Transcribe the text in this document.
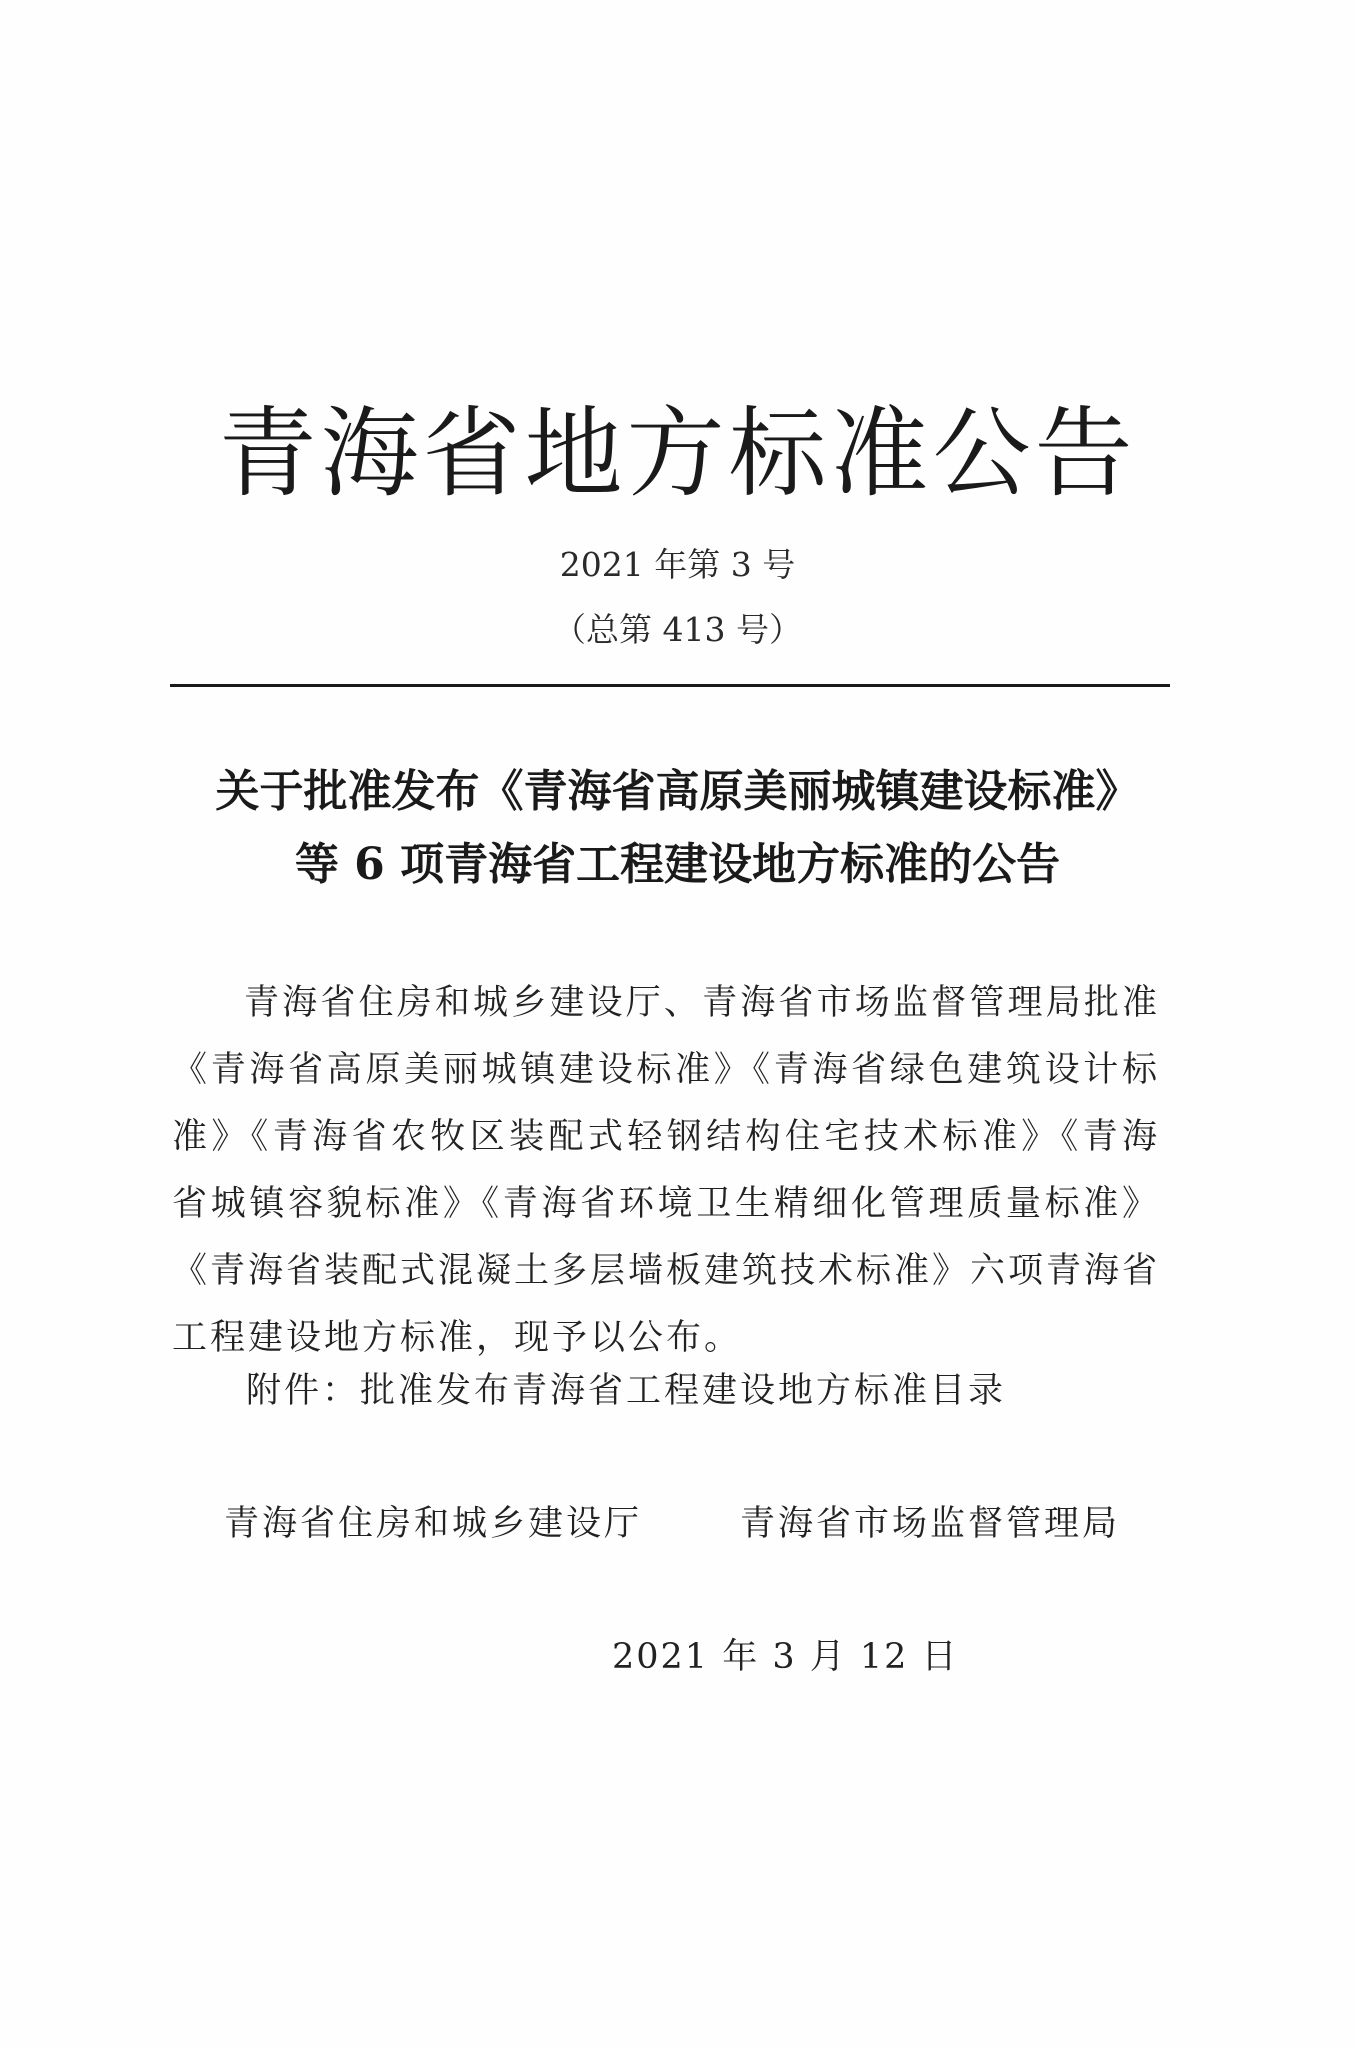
青海省地方标准公告
2021 年第 3 号
（总第 413 号）
关于批准发布《青海省高原美丽城镇建设标准》
等 6 项青海省工程建设地方标准的公告

青海省住房和城乡建设厅、青海省市场监督管理局批准《青海省高原美丽城镇建设标准》《青海省绿色建筑设计标准》《青海省农牧区装配式轻钢结构住宅技术标准》《青海省城镇容貌标准》《青海省环境卫生精细化管理质量标准》《青海省装配式混凝土多层墙板建筑技术标准》六项青海省工程建设地方标准，现予以公布。

附件：批准发布青海省工程建设地方标准目录
青海省住房和城乡建设厅	青海省市场监督管理局
2021 年 3 月 12 日
